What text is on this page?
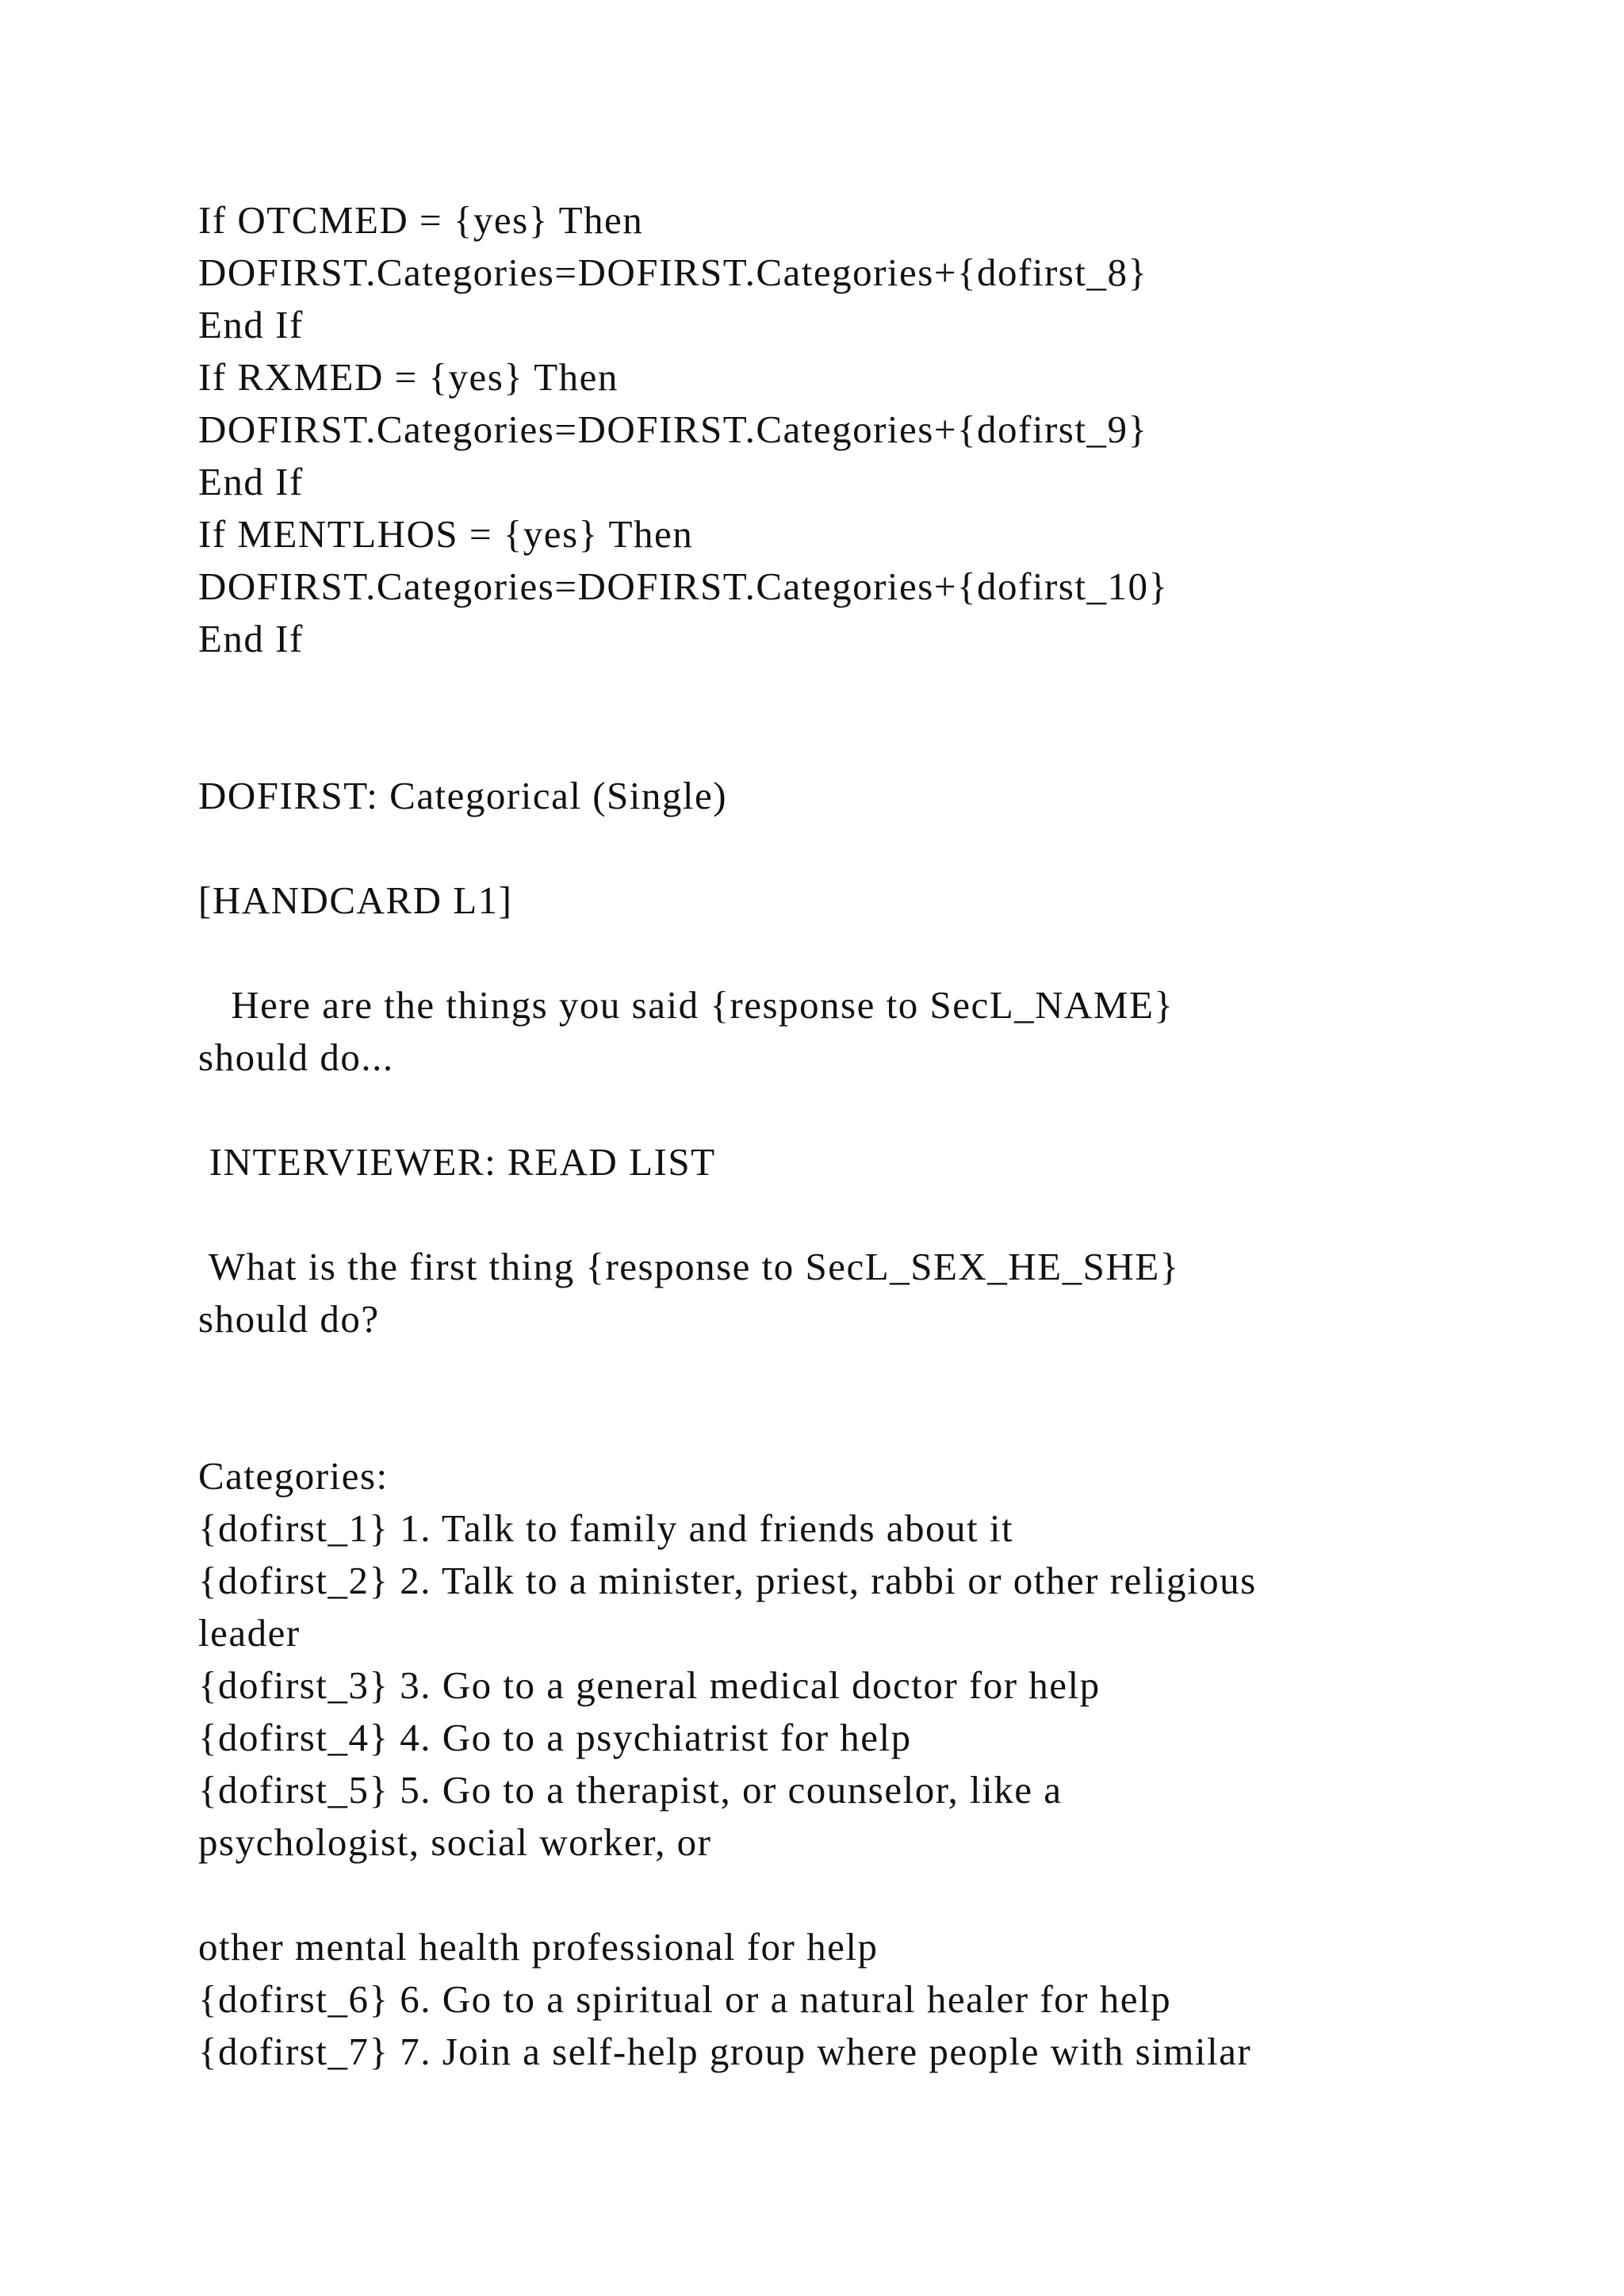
If OTCMED = {yes} Then

DOFIRST.Categories=DOFIRST.Categories+{dofirst_8}

End If

If RXMED = {yes} Then

DOFIRST.Categories=DOFIRST.Categories+{dofirst_9}

End If

If MENTLHOS = {yes} Then

DOFIRST.Categories=DOFIRST.Categories+{dofirst_10}

End If

DOFIRST: Categorical (Single)

[HANDCARD L1]

Here are the things you said {response to SecL_NAME}

should do...

INTERVIEWER: READ LIST

What is the first thing {response to SecL_SEX_HE_SHE}

should do?

Categories:

{dofirst_1} 1. Talk to family and friends about it

{dofirst_2} 2. Talk to a minister, priest, rabbi or other religious

leader

{dofirst_3} 3. Go to a general medical doctor for help

{dofirst_4} 4. Go to a psychiatrist for help

{dofirst_5} 5. Go to a therapist, or counselor, like a

psychologist, social worker, or

other mental health professional for help

{dofirst_6} 6. Go to a spiritual or a natural healer for help

{dofirst_7} 7. Join a self-help group where people with similar
